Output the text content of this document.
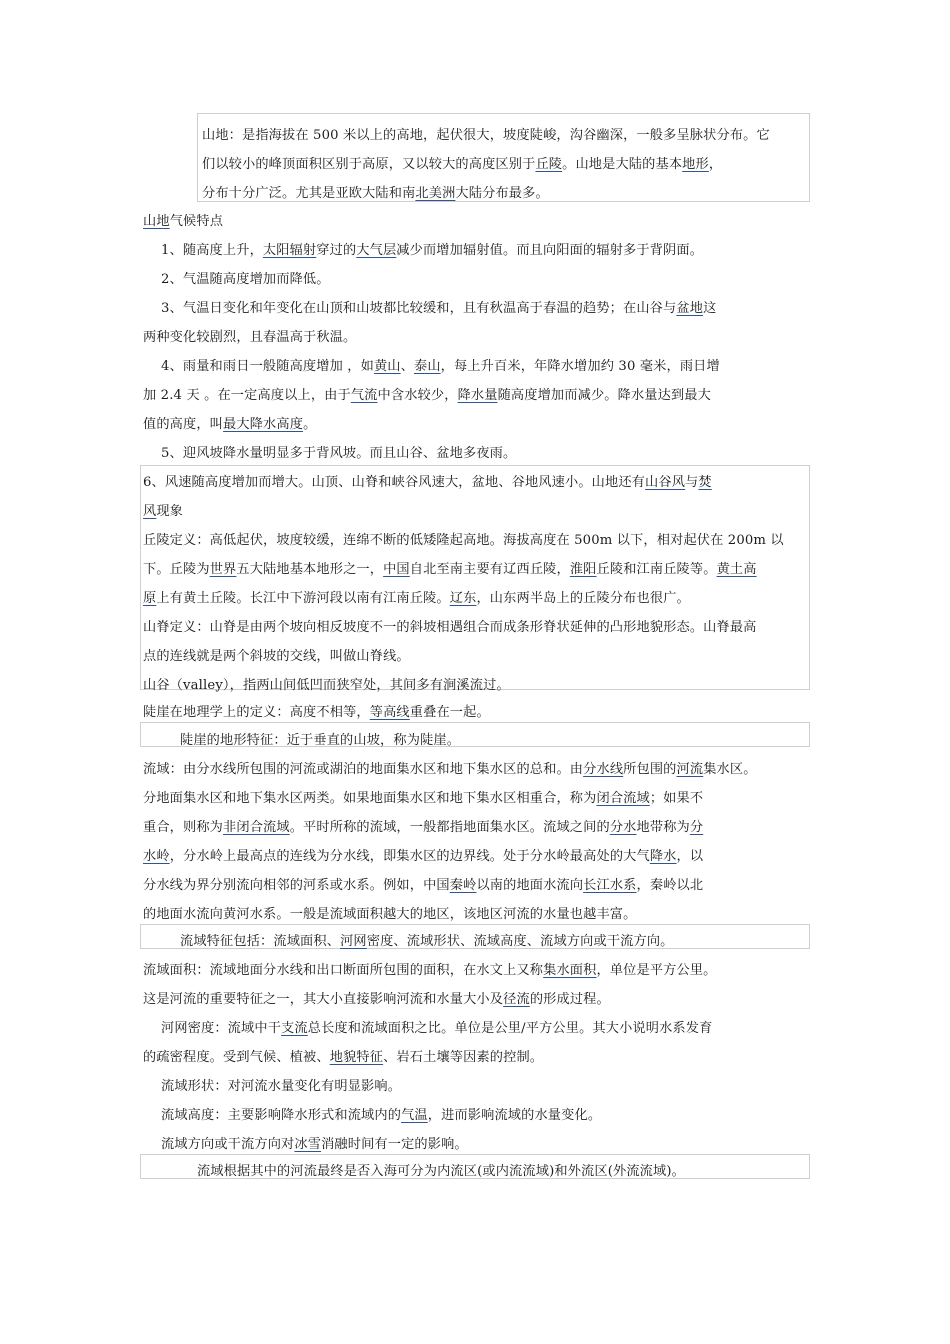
山地：是指海拔在 500 米以上的高地，起伏很大，坡度陡峻，沟谷幽深，一般多呈脉状分布。它
们以较小的峰顶面积区别于高原，又以较大的高度区别于丘陵。山地是大陆的基本地形，
分布十分广泛。尤其是亚欧大陆和南北美洲大陆分布最多。
山地气候特点
1、随高度上升，太阳辐射穿过的大气层减少而增加辐射值。而且向阳面的辐射多于背阴面。
2、气温随高度增加而降低。
3、气温日变化和年变化在山顶和山坡都比较缓和，且有秋温高于春温的趋势；在山谷与盆地这
两种变化较剧烈，且春温高于秋温。
4、雨量和雨日一般随高度增加 ，如黄山、泰山，每上升百米，年降水增加约 30 毫米，雨日增
加 2.4 天 。在一定高度以上，由于气流中含水较少，降水量随高度增加而减少。降水量达到最大
值的高度，叫最大降水高度。
5、迎风坡降水量明显多于背风坡。而且山谷、盆地多夜雨。
6、风速随高度增加而增大。山顶、山脊和峡谷风速大，盆地、谷地风速小。山地还有山谷风与焚
风现象
丘陵定义：高低起伏，坡度较缓，连绵不断的低矮隆起高地。海拔高度在 500m 以下，相对起伏在 200m 以
下。丘陵为世界五大陆地基本地形之一，中国自北至南主要有辽西丘陵，淮阳丘陵和江南丘陵等。黄土高
原上有黄土丘陵。长江中下游河段以南有江南丘陵。辽东，山东两半岛上的丘陵分布也很广。
山脊定义：山脊是由两个坡向相反坡度不一的斜坡相遇组合而成条形脊状延伸的凸形地貌形态。山脊最高
点的连线就是两个斜坡的交线，叫做山脊线。
山谷（valley），指两山间低凹而狭窄处，其间多有涧溪流过。
陡崖在地理学上的定义：高度不相等，等高线重叠在一起。
陡崖的地形特征：近于垂直的山坡，称为陡崖。
流域：由分水线所包围的河流或湖泊的地面集水区和地下集水区的总和。由分水线所包围的河流集水区。
分地面集水区和地下集水区两类。如果地面集水区和地下集水区相重合，称为闭合流域；如果不
重合，则称为非闭合流域。平时所称的流域，一般都指地面集水区。流域之间的分水地带称为分
水岭，分水岭上最高点的连线为分水线，即集水区的边界线。处于分水岭最高处的大气降水，以
分水线为界分别流向相邻的河系或水系。例如，中国秦岭以南的地面水流向长江水系，秦岭以北
的地面水流向黄河水系。一般是流域面积越大的地区，该地区河流的水量也越丰富。
流域特征包括：流域面积、河网密度、流域形状、流域高度、流域方向或干流方向。
流域面积：流域地面分水线和出口断面所包围的面积，在水文上又称集水面积，单位是平方公里。
这是河流的重要特征之一，其大小直接影响河流和水量大小及径流的形成过程。
河网密度：流域中干支流总长度和流域面积之比。单位是公里/平方公里。其大小说明水系发育
的疏密程度。受到气候、植被、地貌特征、岩石土壤等因素的控制。
流域形状：对河流水量变化有明显影响。
流域高度：主要影响降水形式和流域内的气温，进而影响流域的水量变化。
流域方向或干流方向对冰雪消融时间有一定的影响。
流域根据其中的河流最终是否入海可分为内流区(或内流流域)和外流区(外流流域)。
